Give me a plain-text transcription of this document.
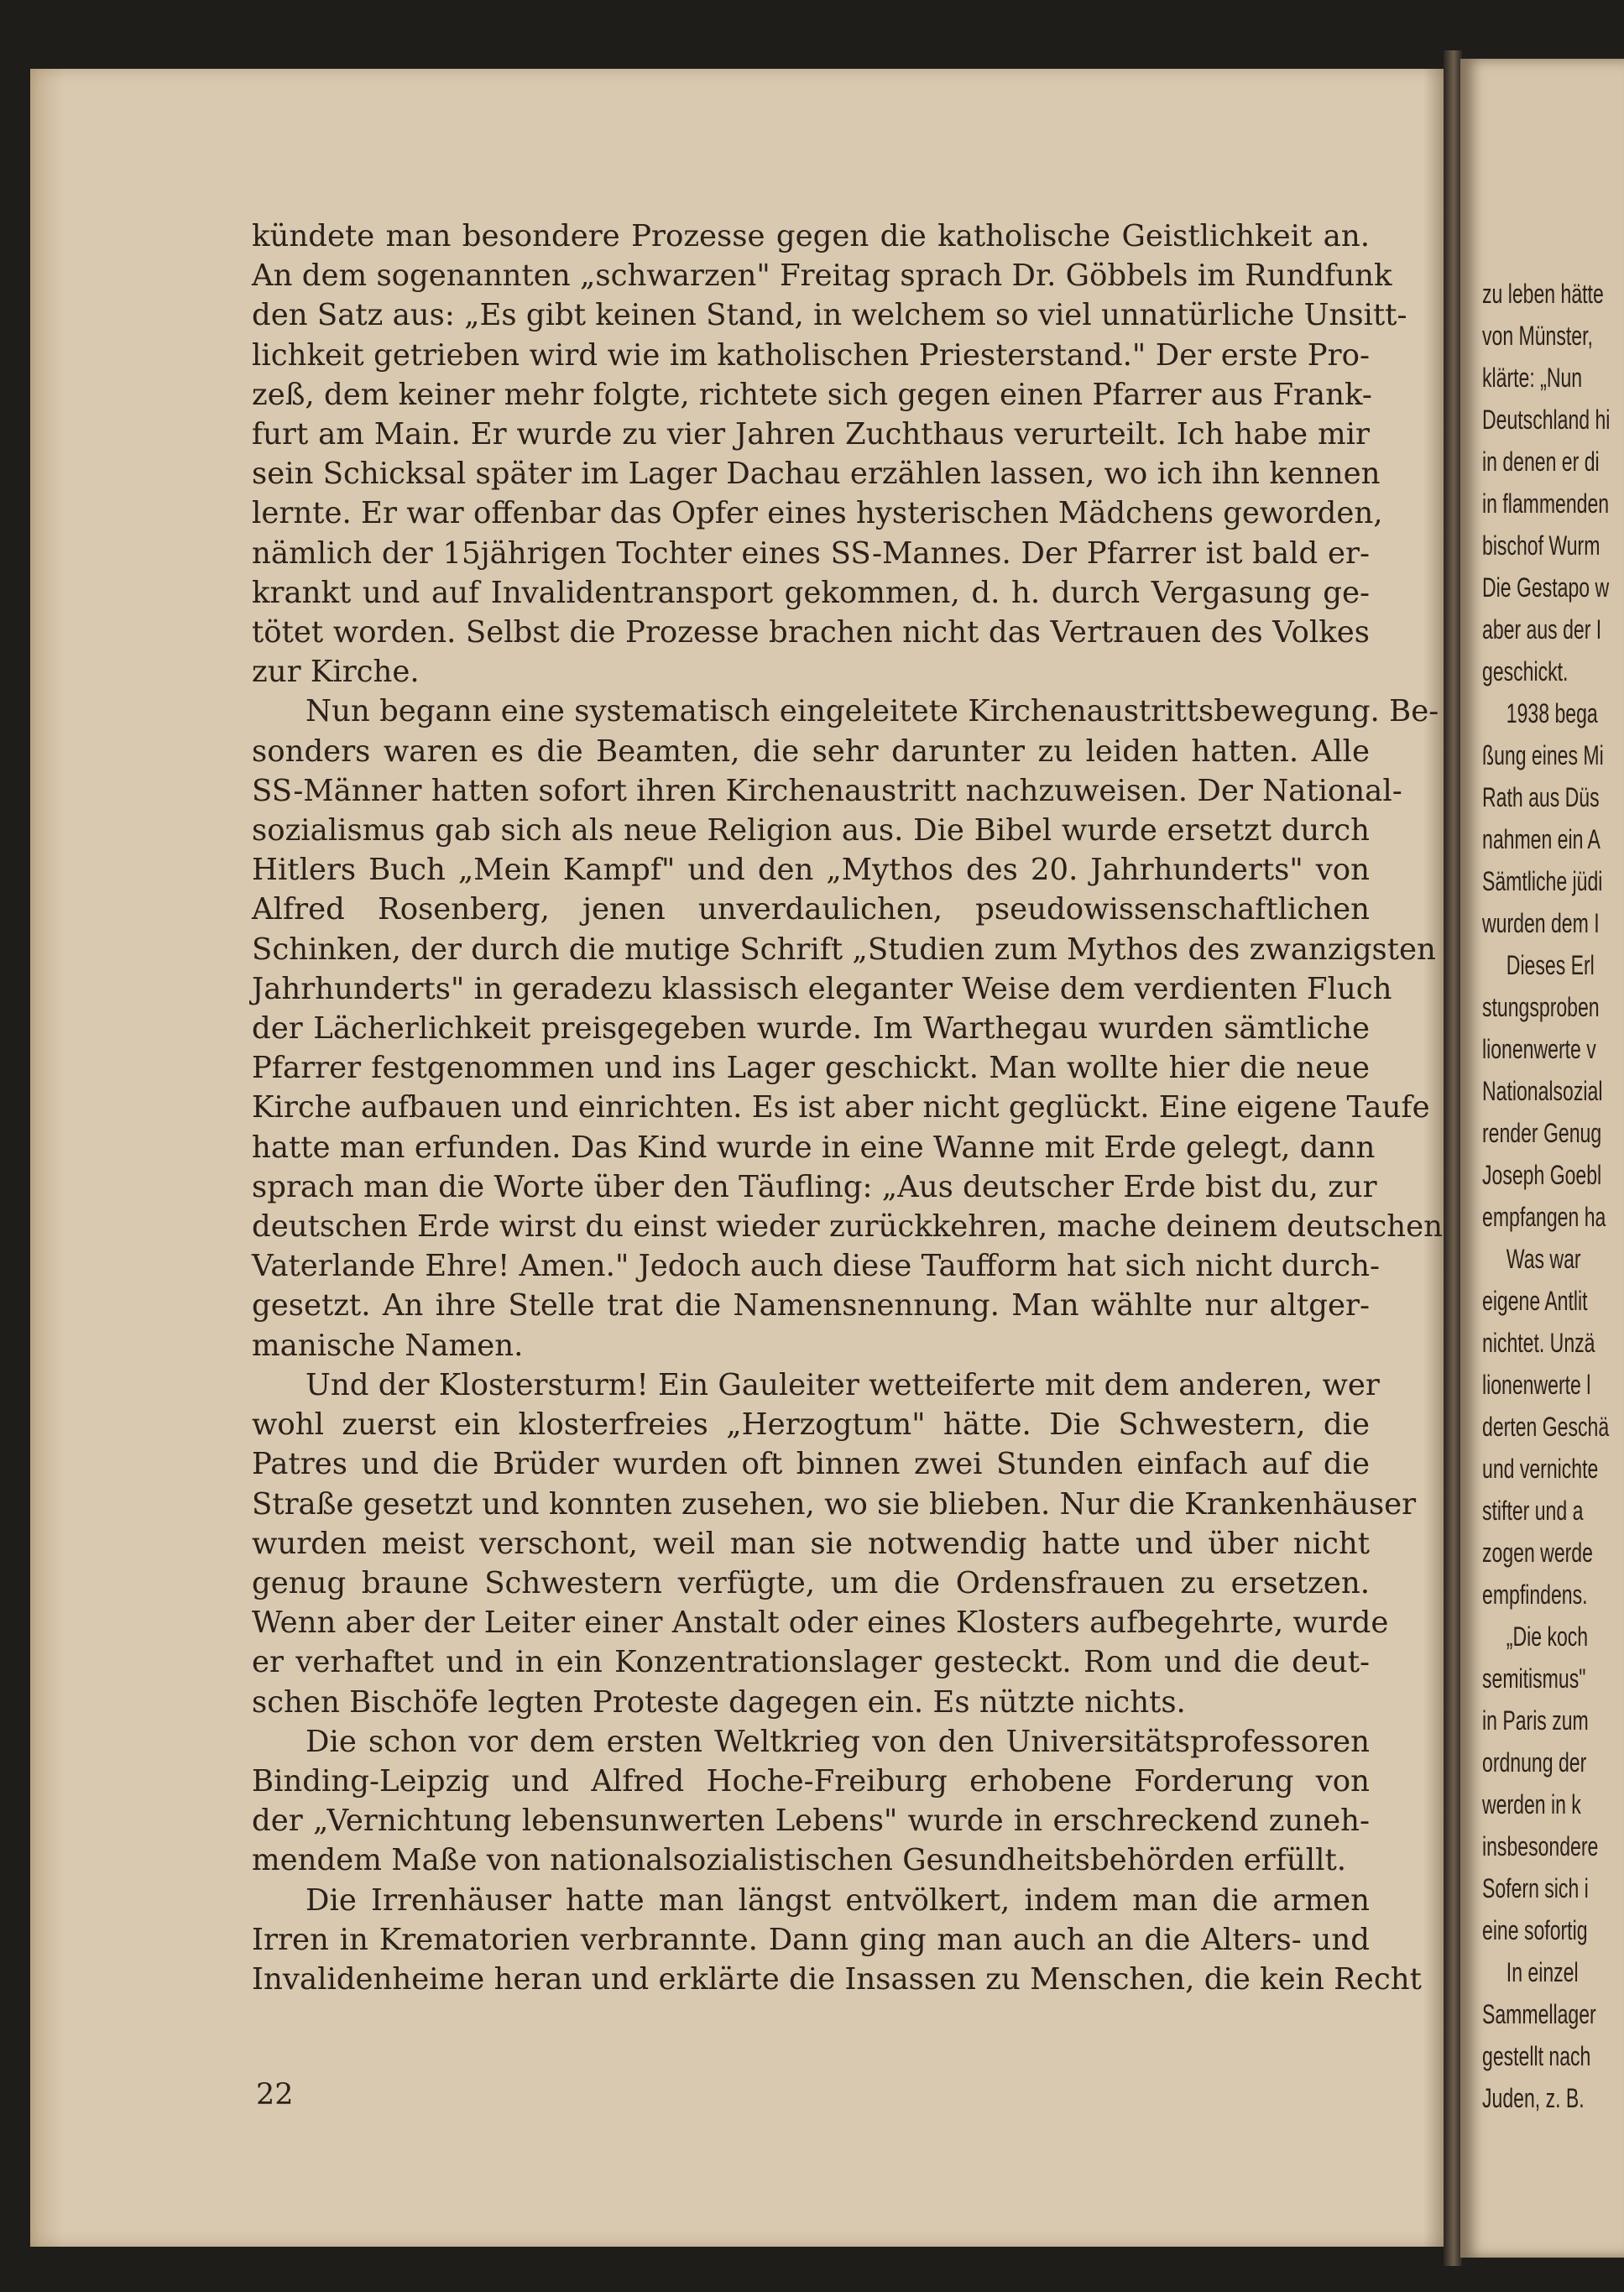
zu leben hätte
von Münster,
klärte: „Nun
Deutschland hi
in denen er di
in flammenden
bischof Wurm
Die Gestapo w
aber aus der I
geschickt.
1938 bega
ßung eines Mi
Rath aus Düs
nahmen ein A
Sämtliche jüdi
wurden dem I
Dieses Erl
stungsproben
lionenwerte v
Nationalsozial
render Genug
Joseph Goebl
empfangen ha
Was war
eigene Antlit
nichtet. Unzä
lionenwerte l
derten Geschä
und vernichte
stifter und a
zogen werde
empfindens.
„Die koch
semitismus"
in Paris zum
ordnung der
werden in k
insbesondere
Sofern sich i
eine sofortig
In einzel
Sammellager
gestellt nach
Juden, z. B.
kündete man besondere Prozesse gegen die katholische Geistlichkeit an.
An dem sogenannten „schwarzen" Freitag sprach Dr. Göbbels im Rundfunk
den Satz aus: „Es gibt keinen Stand, in welchem so viel unnatürliche Unsitt-
lichkeit getrieben wird wie im katholischen Priesterstand." Der erste Pro-
zeß, dem keiner mehr folgte, richtete sich gegen einen Pfarrer aus Frank-
furt am Main. Er wurde zu vier Jahren Zuchthaus verurteilt. Ich habe mir
sein Schicksal später im Lager Dachau erzählen lassen, wo ich ihn kennen
lernte. Er war offenbar das Opfer eines hysterischen Mädchens geworden,
nämlich der 15jährigen Tochter eines SS-Mannes. Der Pfarrer ist bald er-
krankt und auf Invalidentransport gekommen, d. h. durch Vergasung ge-
tötet worden. Selbst die Prozesse brachen nicht das Vertrauen des Volkes
zur Kirche.
Nun begann eine systematisch eingeleitete Kirchenaustrittsbewegung. Be-
sonders waren es die Beamten, die sehr darunter zu leiden hatten. Alle
SS-Männer hatten sofort ihren Kirchenaustritt nachzuweisen. Der National-
sozialismus gab sich als neue Religion aus. Die Bibel wurde ersetzt durch
Hitlers Buch „Mein Kampf" und den „Mythos des 20. Jahrhunderts" von
Alfred Rosenberg, jenen unverdaulichen, pseudowissenschaftlichen
Schinken, der durch die mutige Schrift „Studien zum Mythos des zwanzigsten
Jahrhunderts" in geradezu klassisch eleganter Weise dem verdienten Fluch
der Lächerlichkeit preisgegeben wurde. Im Warthegau wurden sämtliche
Pfarrer festgenommen und ins Lager geschickt. Man wollte hier die neue
Kirche aufbauen und einrichten. Es ist aber nicht geglückt. Eine eigene Taufe
hatte man erfunden. Das Kind wurde in eine Wanne mit Erde gelegt, dann
sprach man die Worte über den Täufling: „Aus deutscher Erde bist du, zur
deutschen Erde wirst du einst wieder zurückkehren, mache deinem deutschen
Vaterlande Ehre! Amen." Jedoch auch diese Taufform hat sich nicht durch-
gesetzt. An ihre Stelle trat die Namensnennung. Man wählte nur altger-
manische Namen.
Und der Klostersturm! Ein Gauleiter wetteiferte mit dem anderen, wer
wohl zuerst ein klosterfreies „Herzogtum" hätte. Die Schwestern, die
Patres und die Brüder wurden oft binnen zwei Stunden einfach auf die
Straße gesetzt und konnten zusehen, wo sie blieben. Nur die Krankenhäuser
wurden meist verschont, weil man sie notwendig hatte und über nicht
genug braune Schwestern verfügte, um die Ordensfrauen zu ersetzen.
Wenn aber der Leiter einer Anstalt oder eines Klosters aufbegehrte, wurde
er verhaftet und in ein Konzentrationslager gesteckt. Rom und die deut-
schen Bischöfe legten Proteste dagegen ein. Es nützte nichts.
Die schon vor dem ersten Weltkrieg von den Universitätsprofessoren
Binding-Leipzig und Alfred Hoche-Freiburg erhobene Forderung von
der „Vernichtung lebensunwerten Lebens" wurde in erschreckend zuneh-
mendem Maße von nationalsozialistischen Gesundheitsbehörden erfüllt.
Die Irrenhäuser hatte man längst entvölkert, indem man die armen
Irren in Krematorien verbrannte. Dann ging man auch an die Alters- und
Invalidenheime heran und erklärte die Insassen zu Menschen, die kein Recht
22
